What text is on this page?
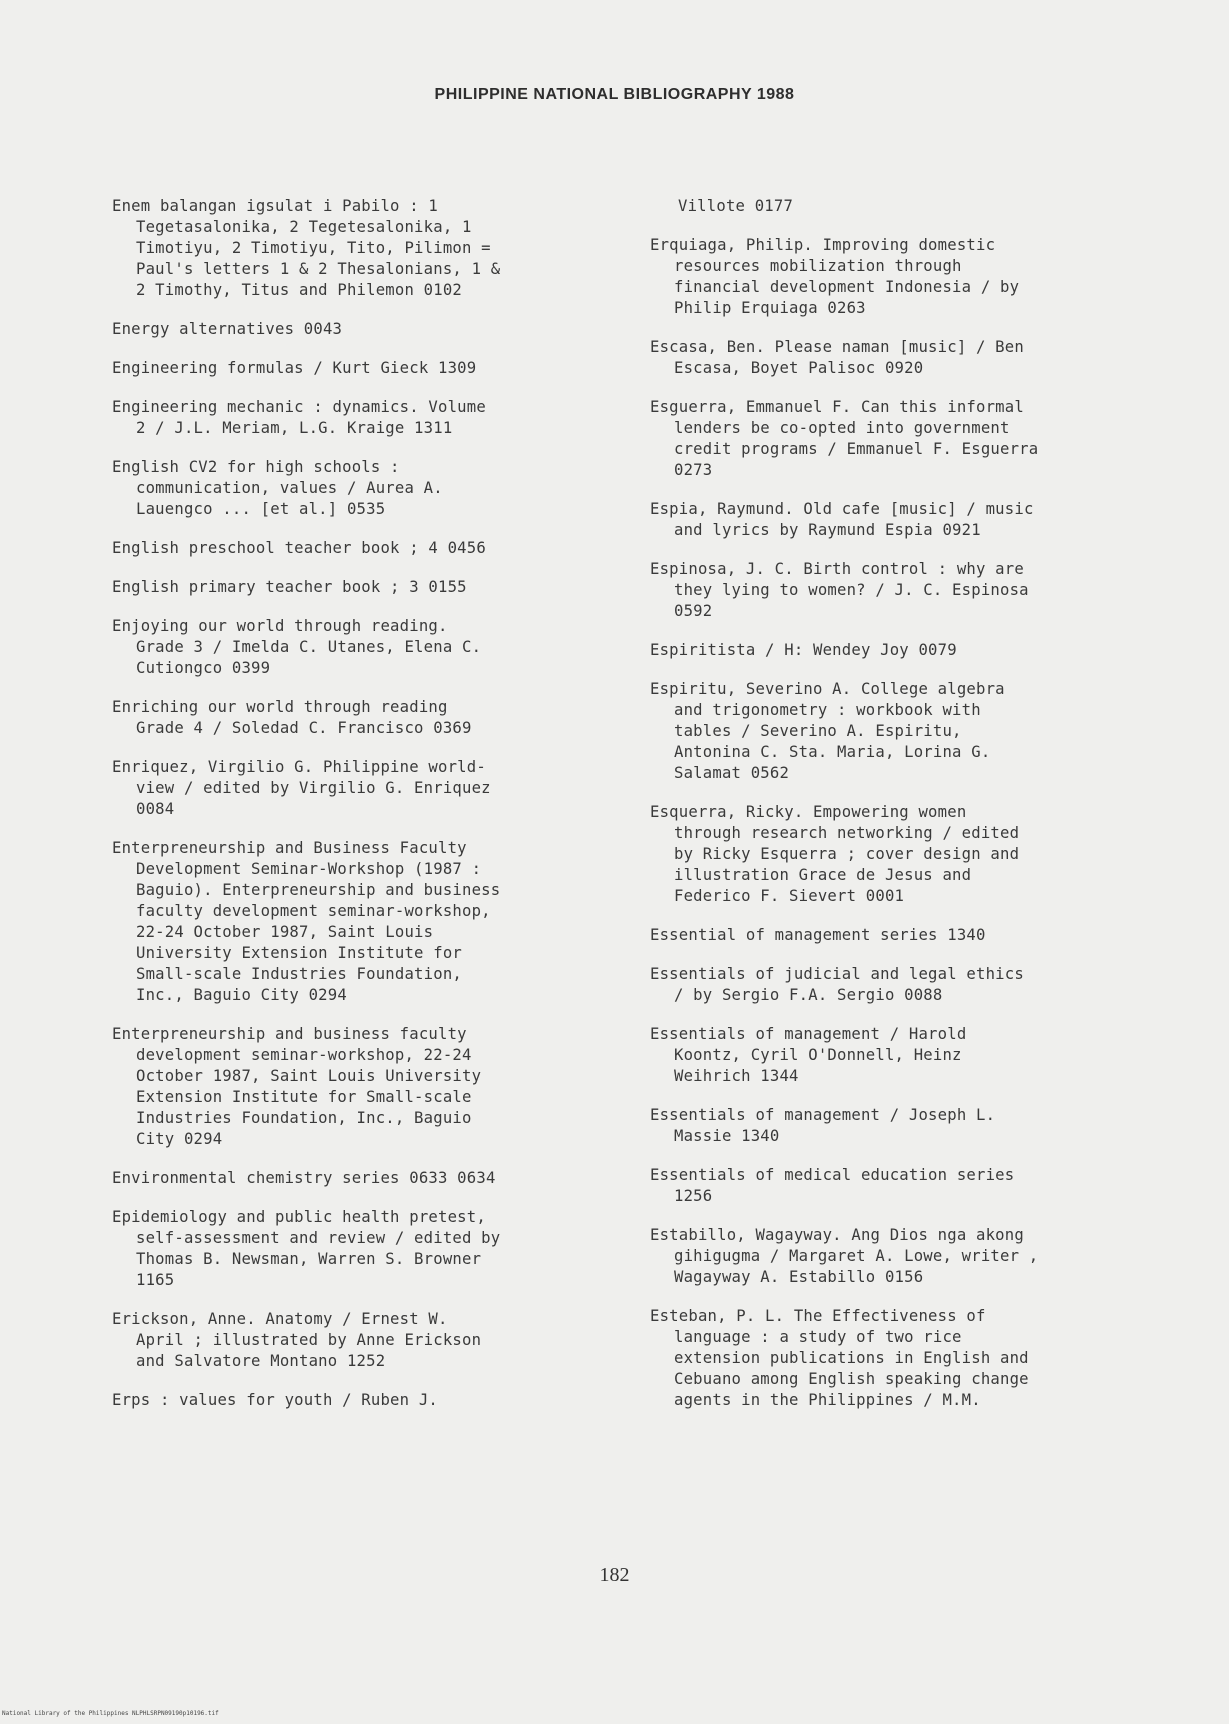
PHILIPPINE NATIONAL BIBLIOGRAPHY 1988
Enem balangan igsulat i Pabilo : 1
Tegetasalonika, 2 Tegetesalonika, 1
Timotiyu, 2 Timotiyu, Tito, Pilimon =
Paul's letters 1 & 2 Thesalonians, 1 &
2 Timothy, Titus and Philemon 0102
Energy alternatives 0043
Engineering formulas / Kurt Gieck 1309
Engineering mechanic : dynamics. Volume
2 / J.L. Meriam, L.G. Kraige 1311
English CV2 for high schools :
communication, values / Aurea A.
Lauengco ... [et al.] 0535
English preschool teacher book ; 4 0456
English primary teacher book ; 3 0155
Enjoying our world through reading.
Grade 3 / Imelda C. Utanes, Elena C.
Cutiongco 0399
Enriching our world through reading
Grade 4 / Soledad C. Francisco 0369
Enriquez, Virgilio G. Philippine world-
view / edited by Virgilio G. Enriquez
0084
Enterpreneurship and Business Faculty
Development Seminar-Workshop (1987 :
Baguio). Enterpreneurship and business
faculty development seminar-workshop,
22-24 October 1987, Saint Louis
University Extension Institute for
Small-scale Industries Foundation,
Inc., Baguio City 0294
Enterpreneurship and business faculty
development seminar-workshop, 22-24
October 1987, Saint Louis University
Extension Institute for Small-scale
Industries Foundation, Inc., Baguio
City 0294
Environmental chemistry series 0633 0634
Epidemiology and public health pretest,
self-assessment and review / edited by
Thomas B. Newsman, Warren S. Browner
1165
Erickson, Anne. Anatomy / Ernest W.
April ; illustrated by Anne Erickson
and Salvatore Montano 1252
Erps : values for youth / Ruben J.
Villote 0177
Erquiaga, Philip. Improving domestic
resources mobilization through
financial development Indonesia / by
Philip Erquiaga 0263
Escasa, Ben. Please naman [music] / Ben
Escasa, Boyet Palisoc 0920
Esguerra, Emmanuel F. Can this informal
lenders be co-opted into government
credit programs / Emmanuel F. Esguerra
0273
Espia, Raymund. Old cafe [music] / music
and lyrics by Raymund Espia 0921
Espinosa, J. C. Birth control : why are
they lying to women? / J. C. Espinosa
0592
Espiritista / H: Wendey Joy 0079
Espiritu, Severino A. College algebra
and trigonometry : workbook with
tables / Severino A. Espiritu,
Antonina C. Sta. Maria, Lorina G.
Salamat 0562
Esquerra, Ricky. Empowering women
through research networking / edited
by Ricky Esquerra ; cover design and
illustration Grace de Jesus and
Federico F. Sievert 0001
Essential of management series 1340
Essentials of judicial and legal ethics
/ by Sergio F.A. Sergio 0088
Essentials of management / Harold
Koontz, Cyril O'Donnell, Heinz
Weihrich 1344
Essentials of management / Joseph L.
Massie 1340
Essentials of medical education series
1256
Estabillo, Wagayway. Ang Dios nga akong
gihigugma / Margaret A. Lowe, writer ,
Wagayway A. Estabillo 0156
Esteban, P. L. The Effectiveness of
language : a study of two rice
extension publications in English and
Cebuano among English speaking change
agents in the Philippines / M.M.
182
National Library of the Philippines NLPHLSRPN09190p10196.tif
